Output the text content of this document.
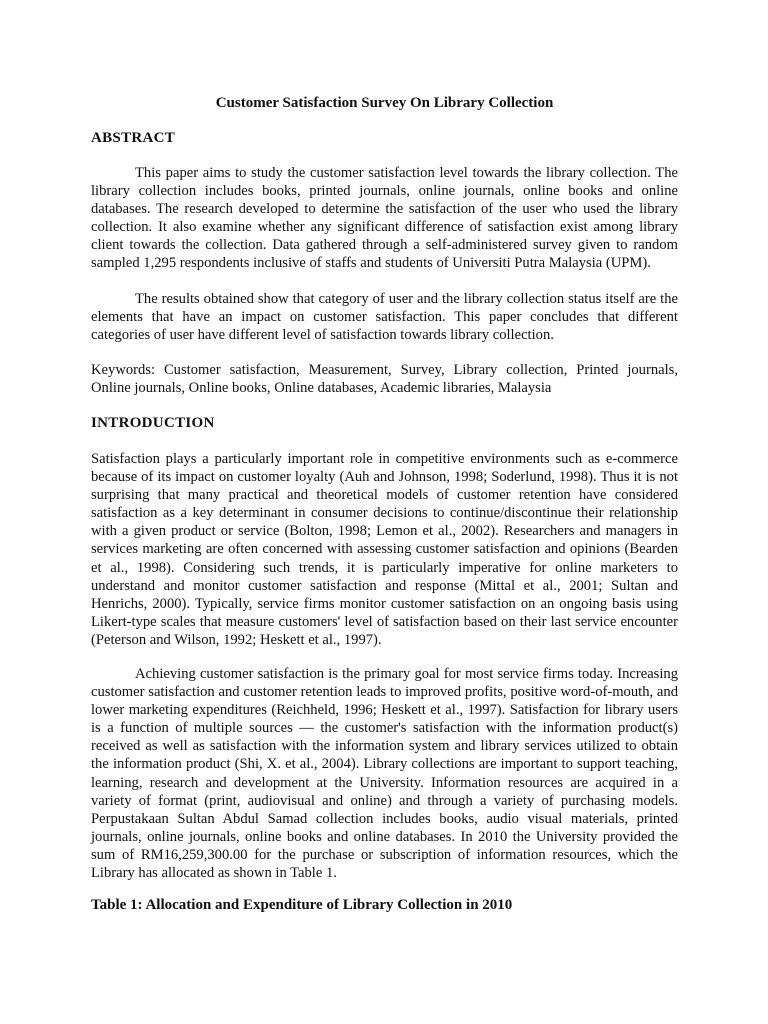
Customer Satisfaction Survey On Library Collection

ABSTRACT

This paper aims to study the customer satisfaction level towards the library collection. The library collection includes books, printed journals, online journals, online books and online databases. The research developed to determine the satisfaction of the user who used the library collection. It also examine whether any significant difference of satisfaction exist among library client towards the collection. Data gathered through a self-administered survey given to random sampled 1,295 respondents inclusive of staffs and students of Universiti Putra Malaysia (UPM).

The results obtained show that category of user and the library collection status itself are the elements that have an impact on customer satisfaction. This paper concludes that different categories of user have different level of satisfaction towards library collection.

Keywords: Customer satisfaction, Measurement, Survey, Library collection, Printed journals, Online journals, Online books, Online databases, Academic libraries, Malaysia

INTRODUCTION

Satisfaction plays a particularly important role in competitive environments such as e-commerce because of its impact on customer loyalty (Auh and Johnson, 1998; Soderlund, 1998). Thus it is not surprising that many practical and theoretical models of customer retention have considered satisfaction as a key determinant in consumer decisions to continue/discontinue their relationship with a given product or service (Bolton, 1998; Lemon et al., 2002). Researchers and managers in services marketing are often concerned with assessing customer satisfaction and opinions (Bearden et al., 1998). Considering such trends, it is particularly imperative for online marketers to understand and monitor customer satisfaction and response (Mittal et al., 2001; Sultan and Henrichs, 2000). Typically, service firms monitor customer satisfaction on an ongoing basis using Likert-type scales that measure customers' level of satisfaction based on their last service encounter (Peterson and Wilson, 1992; Heskett et al., 1997).

Achieving customer satisfaction is the primary goal for most service firms today. Increasing customer satisfaction and customer retention leads to improved profits, positive word-of-mouth, and lower marketing expenditures (Reichheld, 1996; Heskett et al., 1997). Satisfaction for library users is a function of multiple sources — the customer's satisfaction with the information product(s) received as well as satisfaction with the information system and library services utilized to obtain the information product (Shi, X. et al., 2004). Library collections are important to support teaching, learning, research and development at the University. Information resources are acquired in a variety of format (print, audiovisual and online) and through a variety of purchasing models. Perpustakaan Sultan Abdul Samad collection includes books, audio visual materials, printed journals, online journals, online books and online databases. In 2010 the University provided the sum of RM16,259,300.00 for the purchase or subscription of information resources, which the Library has allocated as shown in Table 1.

Table 1: Allocation and Expenditure of Library Collection in 2010
